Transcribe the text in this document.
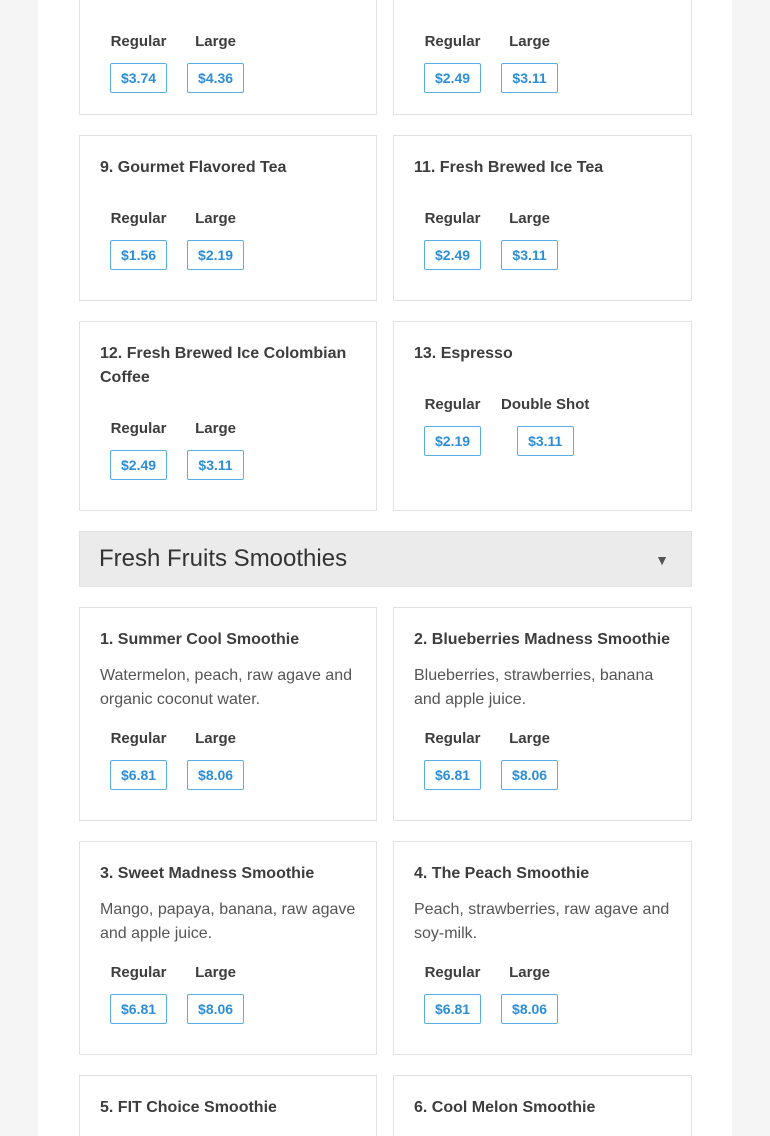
Regular
$3.74
Large
$4.36
Regular
$2.49
Large
$3.11
9. Gourmet Flavored Tea
Regular
$1.56
Large
$2.19
11. Fresh Brewed Ice Tea
Regular
$2.49
Large
$3.11
12. Fresh Brewed Ice Colombian Coffee
Regular
$2.49
Large
$3.11
13. Espresso
Regular
$2.19
Double Shot
$3.11
Fresh Fruits Smoothies	▼
1. Summer Cool Smoothie
Watermelon, peach, raw agave and organic coconut water.
Regular
$6.81
Large
$8.06
2. Blueberries Madness Smoothie
Blueberries, strawberries, banana and apple juice.
Regular
$6.81
Large
$8.06
3. Sweet Madness Smoothie
Mango, papaya, banana, raw agave and apple juice.
Regular
$6.81
Large
$8.06
4. The Peach Smoothie
Peach, strawberries, raw agave and soy-milk.
Regular
$6.81
Large
$8.06
5. FIT Choice Smoothie	6. Cool Melon Smoothie
